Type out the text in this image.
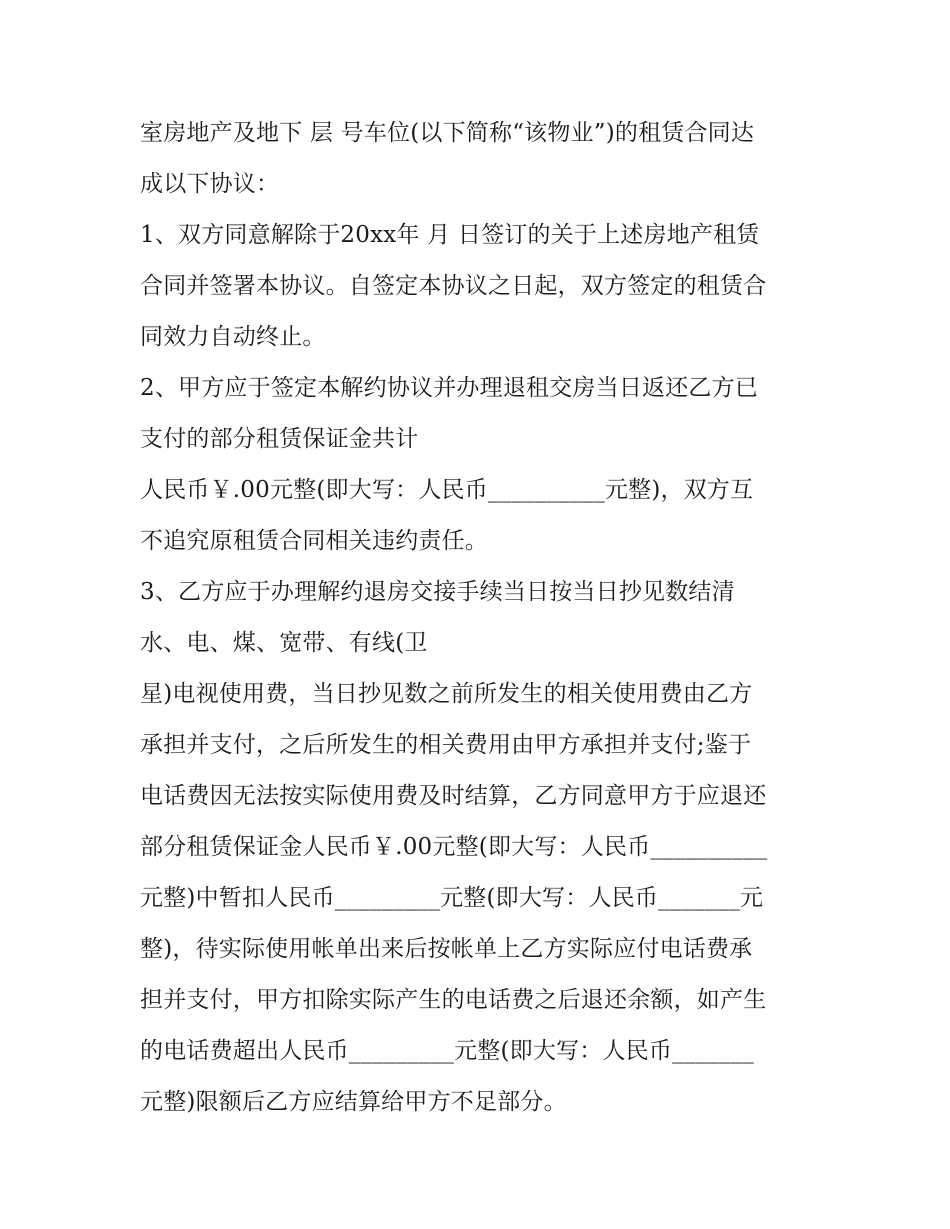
室房地产及地下 层 号车位(以下简称“该物业”)的租赁合同达
成以下协议：
1、双方同意解除于20xx年 月 日签订的关于上述房地产租赁
合同并签署本协议。自签定本协议之日起，双方签定的租赁合
同效力自动终止。
2、甲方应于签定本解约协议并办理退租交房当日返还乙方已
支付的部分租赁保证金共计
人民币￥.00元整(即大写：人民币__________元整)，双方互
不追究原租赁合同相关违约责任。
3、乙方应于办理解约退房交接手续当日按当日抄见数结清
水、电、煤、宽带、有线(卫
星)电视使用费，当日抄见数之前所发生的相关使用费由乙方
承担并支付，之后所发生的相关费用由甲方承担并支付;鉴于
电话费因无法按实际使用费及时结算，乙方同意甲方于应退还
部分租赁保证金人民币￥.00元整(即大写：人民币__________
元整)中暂扣人民币_________元整(即大写：人民币_______元
整)，待实际使用帐单出来后按帐单上乙方实际应付电话费承
担并支付，甲方扣除实际产生的电话费之后退还余额，如产生
的电话费超出人民币_________元整(即大写：人民币_______
元整)限额后乙方应结算给甲方不足部分。
